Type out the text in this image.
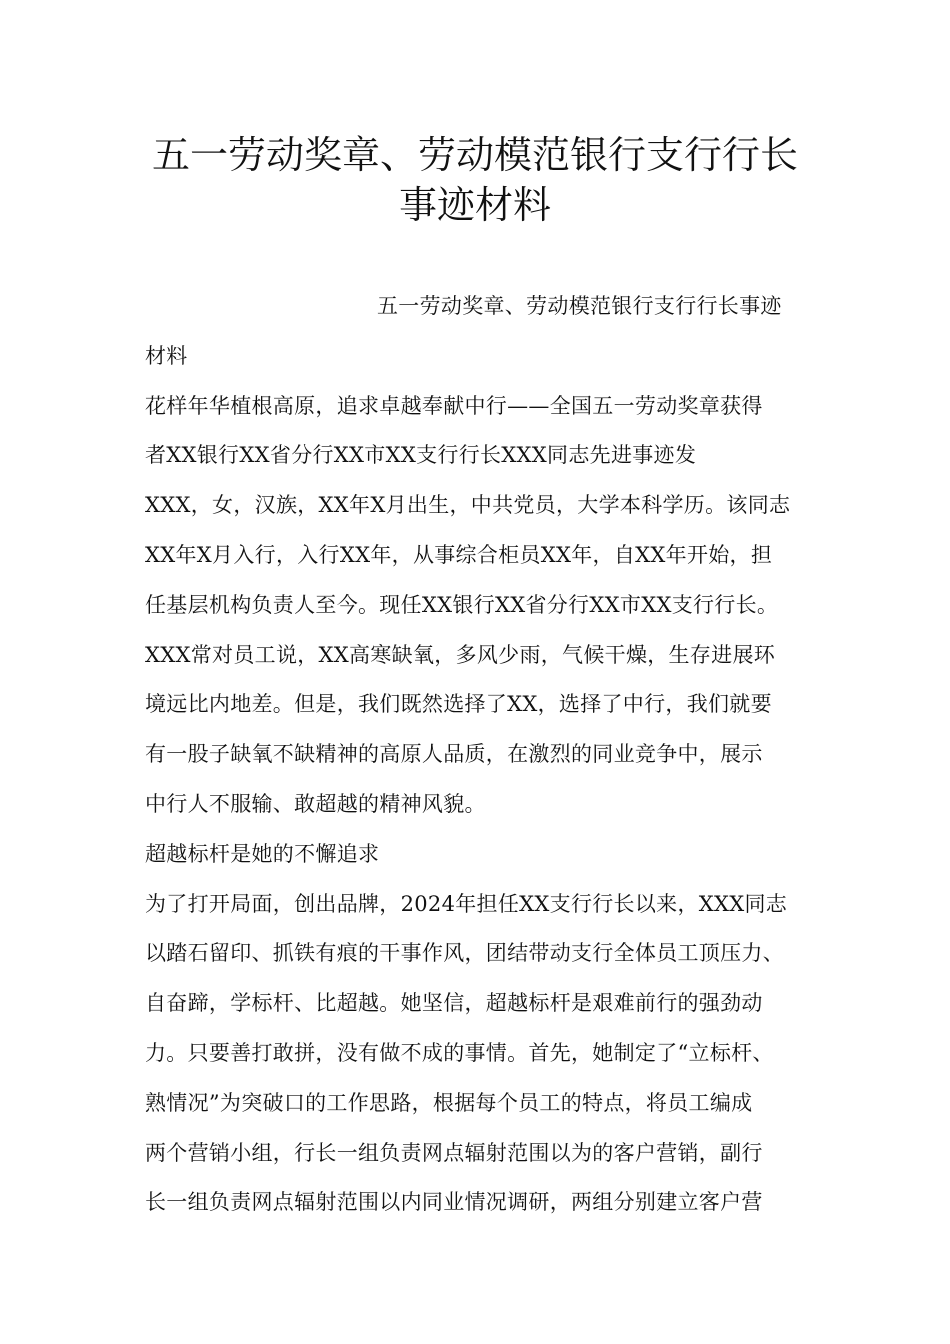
五一劳动奖章、劳动模范银行支行行长
事迹材料
五一劳动奖章、劳动模范银行支行行长事迹
材料
花样年华植根高原，追求卓越奉献中行——全国五一劳动奖章获得
者XX银行XX省分行XX市XX支行行长XXX同志先进事迹发
XXX，女，汉族，XX年X月出生，中共党员，大学本科学历。该同志
XX年X月入行，入行XX年，从事综合柜员XX年，自XX年开始，担
任基层机构负责人至今。现任XX银行XX省分行XX市XX支行行长。
XXX常对员工说，XX高寒缺氧，多风少雨，气候干燥，生存进展环
境远比内地差。但是，我们既然选择了XX，选择了中行，我们就要
有一股子缺氧不缺精神的高原人品质，在激烈的同业竞争中，展示
中行人不服输、敢超越的精神风貌。
超越标杆是她的不懈追求
为了打开局面，创出品牌，2024年担任XX支行行长以来，XXX同志
以踏石留印、抓铁有痕的干事作风，团结带动支行全体员工顶压力、
自奋蹄，学标杆、比超越。她坚信，超越标杆是艰难前行的强劲动
力。只要善打敢拼，没有做不成的事情。首先，她制定了“立标杆、
熟情况”为突破口的工作思路，根据每个员工的特点，将员工编成
两个营销小组，行长一组负责网点辐射范围以为的客户营销，副行
长一组负责网点辐射范围以内同业情况调研，两组分别建立客户营
